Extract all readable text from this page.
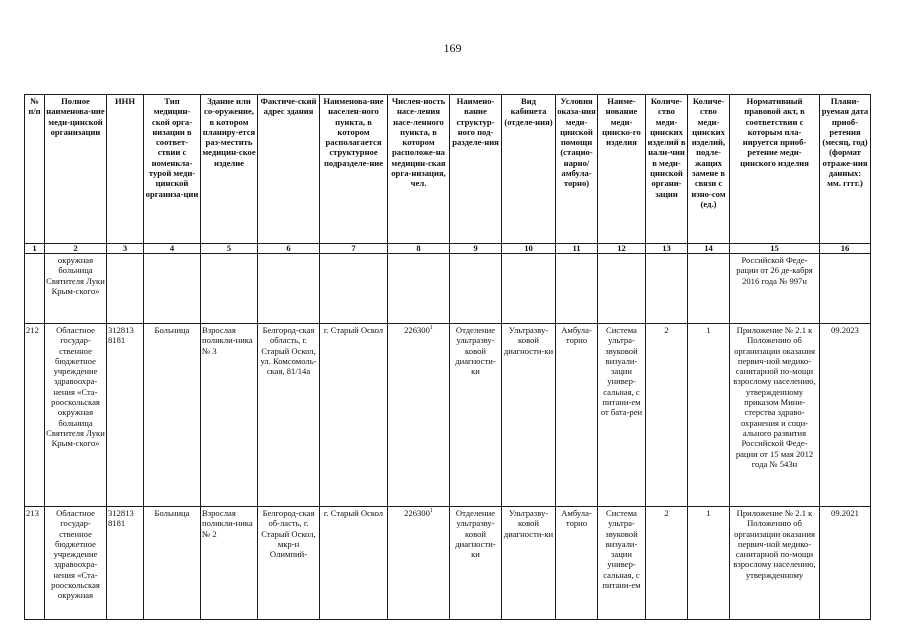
169
№ п/п	Полное наименова-ние меди-цинской организации	ИНН	Тип медицин-ской орга-низации в соответ-ствии с номенкла-турой меди-цинской организа-ции	Здание или со-оружение, в котором планиру-ется раз-местить медицин-ское изделие	Фактиче-ский адрес здания	Наименова-ние населен-ного пункта, в котором располагается структурное подразделе-ние	Числен-ность насе-ления насе-ленного пункта, в котором расположе-на медицин-ская орга-низация, чел.	Наимено-вание структур-ного под-разделе-ния	Вид кабинета (отделе-ния)	Условия оказа-ния меди-цинской помощи (стацио-нарно/ амбула-торно)	Наиме-нование меди-цинско-го изделия	Количе-ство меди-цинских изделий в нали-чии в меди-цинской органи-зации	Количе-ство меди-цинских изделий, подле-жащих замене в связи с изно-сом (ед.)	Нормативный правовой акт, в соответствии с которым пла-нируется приоб-ретение меди-цинского изделия	Плани-руемая дата приоб-ретения (месяц, год) (формат отраже-ния данных: мм. гггг.)
1	2	3	4	5	6	7	8	9	10	11	12	13	14	15	16
	окружная больница Святителя Луки Крым-ского»													Российской Феде-рации от 26 де-кабря 2016 года № 997н	
212	Областное государ-ственное бюджетное учреждение здравоохра-нения «Ста-рооскольская окружная больница Святителя Луки Крым-ского»	312813 8181	Больница	Взрослая поликли-ника № 3	Белгород-ская область, г. Старый Оскол, ул. Комсомоль-ская, 81/14а	г. Старый Оскол	226300$^1$	Отделение ультразву-ковой диагности-ки	Ультразву-ковой диагности-ки	Амбула-торно	Система ультра-звуковой визуали-зации универ-сальная, с питани-ем от бата-реи	2	1	Приложение № 2.1 к Положению об организации оказания первич-ной медико-санитарной по-мощи взрослому населению, утвержденному приказом Мини-стерства здраво-охранения и соци-ального развития Российской Феде-рации от 15 мая 2012 года № 543н	09.2023
213	Областное государ-ственное бюджетное учреждение здравоохра-нения «Ста-рооскольская окружная	312813 8181	Больница	Взрослая поликли-ника № 2	Белгород-ская об-ласть, г. Старый Оскол, мкр-н Олимпий-	г. Старый Оскол	226300$^1$	Отделение ультразву-ковой диагности-ки	Ультразву-ковой диагности-ки	Амбула-торно	Система ультра-звуковой визуали-зации универ-сальная, с питани-ем	2	1	Приложение № 2.1 к Положению об организации оказания первич-ной медико-санитарной по-мощи взрослому населению, утвержденному	09.2021
